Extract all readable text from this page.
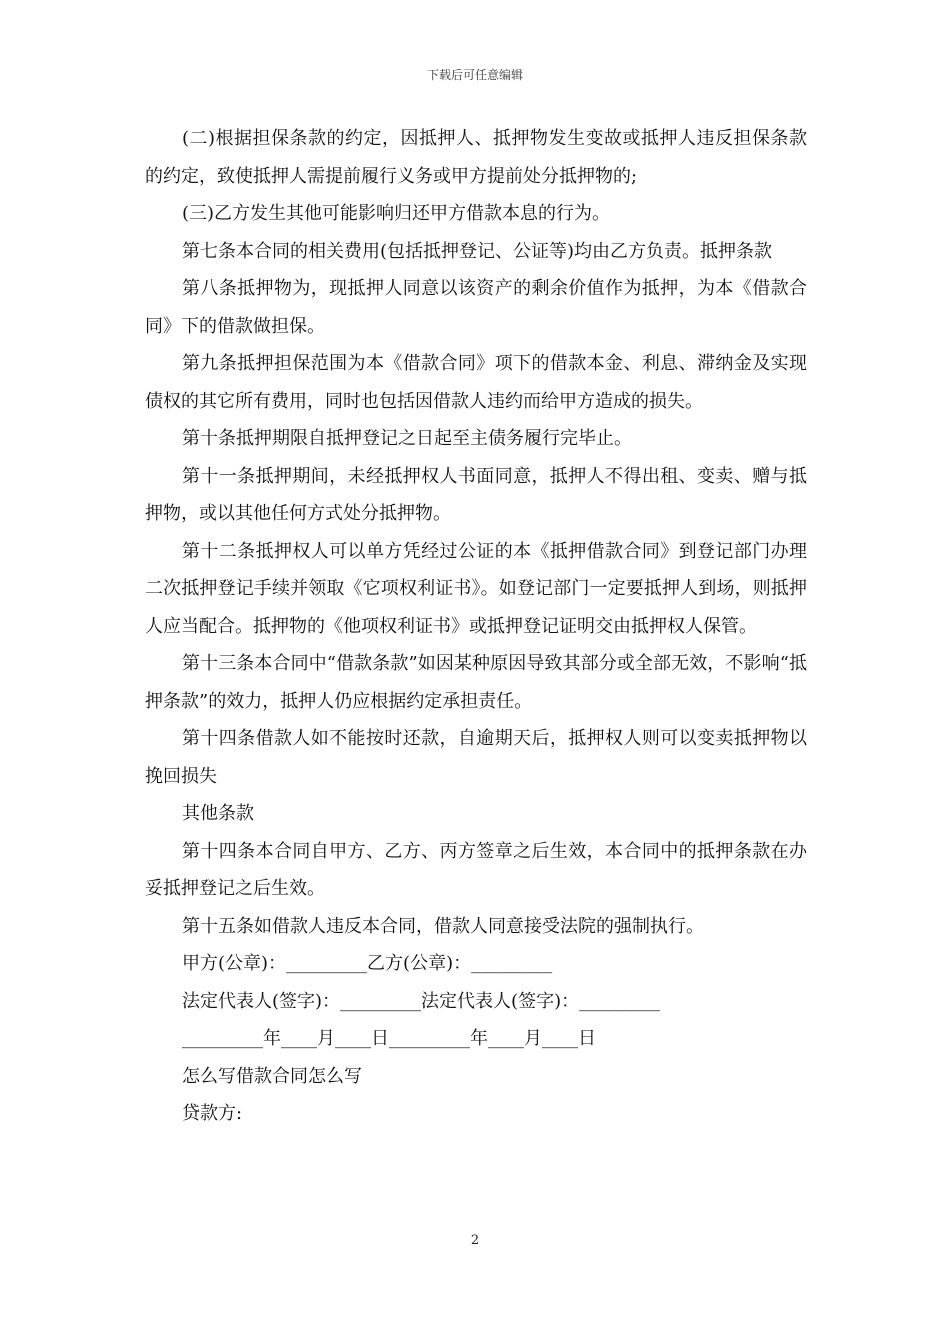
下载后可任意编辑

(二)根据担保条款的约定，因抵押人、抵押物发生变故或抵押人违反担保条款的约定，致使抵押人需提前履行义务或甲方提前处分抵押物的;

(三)乙方发生其他可能影响归还甲方借款本息的行为。

第七条本合同的相关费用(包括抵押登记、公证等)均由乙方负责。抵押条款

第八条抵押物为，现抵押人同意以该资产的剩余价值作为抵押，为本《借款合同》下的借款做担保。

第九条抵押担保范围为本《借款合同》项下的借款本金、利息、滞纳金及实现债权的其它所有费用，同时也包括因借款人违约而给甲方造成的损失。

第十条抵押期限自抵押登记之日起至主债务履行完毕止。

第十一条抵押期间，未经抵押权人书面同意，抵押人不得出租、变卖、赠与抵押物，或以其他任何方式处分抵押物。

第十二条抵押权人可以单方凭经过公证的本《抵押借款合同》到登记部门办理二次抵押登记手续并领取《它项权利证书》。如登记部门一定要抵押人到场，则抵押人应当配合。抵押物的《他项权利证书》或抵押登记证明交由抵押权人保管。

第十三条本合同中“借款条款”如因某种原因导致其部分或全部无效，不影响“抵押条款”的效力，抵押人仍应根据约定承担责任。

第十四条借款人如不能按时还款，自逾期天后，抵押权人则可以变卖抵押物以挽回损失

其他条款

第十四条本合同自甲方、乙方、丙方签章之后生效，本合同中的抵押条款在办妥抵押登记之后生效。

第十五条如借款人违反本合同，借款人同意接受法院的强制执行。

甲方(公章)：_________乙方(公章)：_________

法定代表人(签字)：_________法定代表人(签字)：_________

_________年____月____日_________年____月____日

怎么写借款合同怎么写

贷款方:

2
